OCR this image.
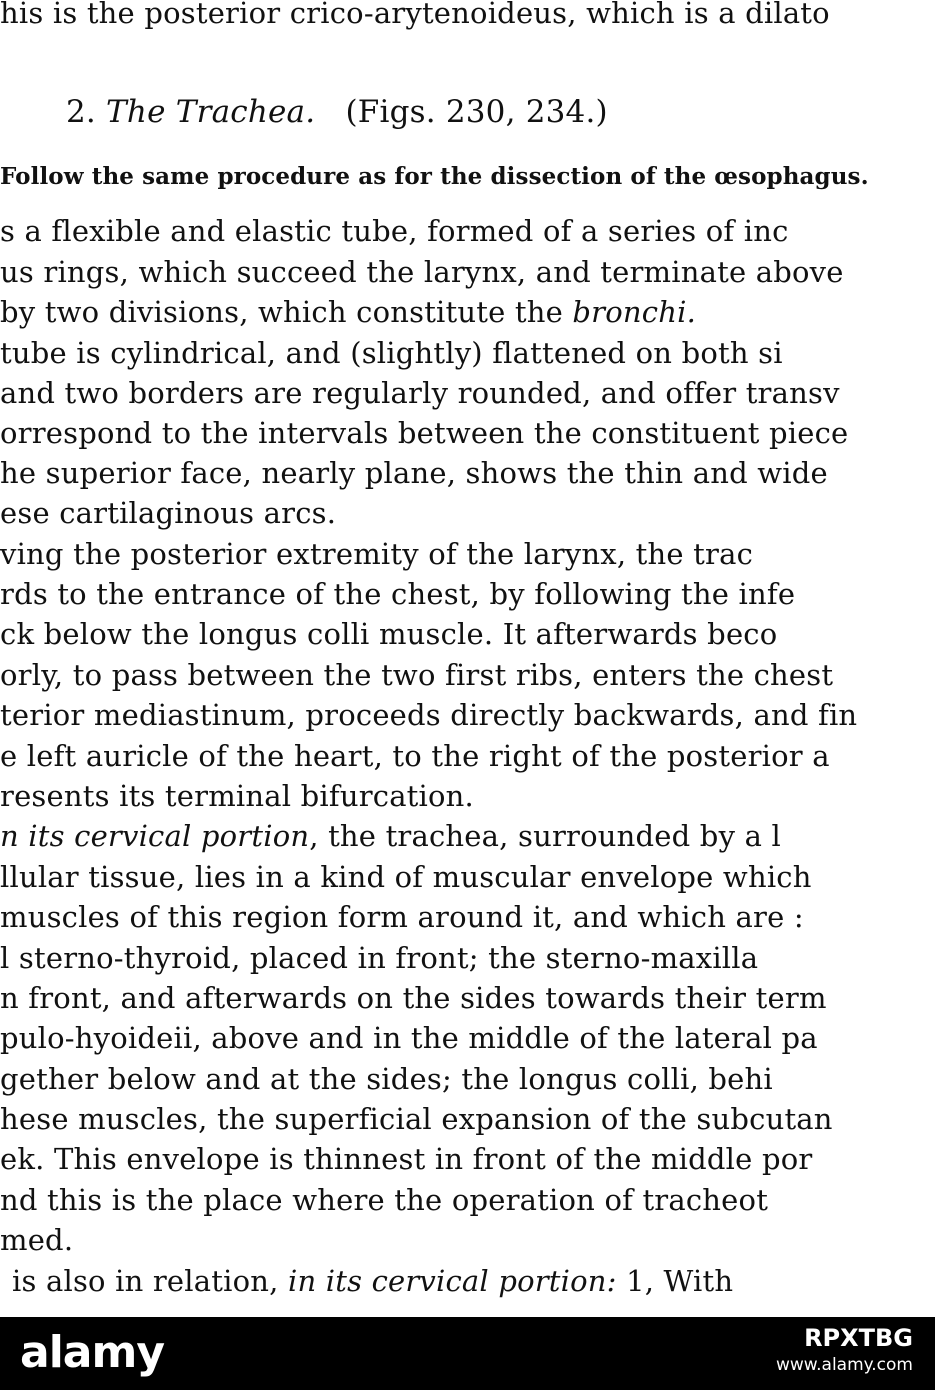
his is the posterior crico-arytenoideus, which is a dilato
2. The Trachea. (Figs. 230, 234.)
Follow the same procedure as for the dissection of the œsophagus.
s a flexible and elastic tube, formed of a series of inc
us rings, which succeed the larynx, and terminate above
by two divisions, which constitute the bronchi.
tube is cylindrical, and (slightly) flattened on both si
and two borders are regularly rounded, and offer transv
orrespond to the intervals between the constituent piece
he superior face, nearly plane, shows the thin and wide
ese cartilaginous arcs.
ving the posterior extremity of the larynx, the trac
rds to the entrance of the chest, by following the infe
ck below the longus colli muscle. It afterwards beco
orly, to pass between the two first ribs, enters the chest
terior mediastinum, proceeds directly backwards, and fin
e left auricle of the heart, to the right of the posterior a
resents its terminal bifurcation.
n its cervical portion, the trachea, surrounded by a l
llular tissue, lies in a kind of muscular envelope which
muscles of this region form around it, and which are :
l sterno-thyroid, placed in front; the sterno-maxilla
n front, and afterwards on the sides towards their term
pulo-hyoideii, above and in the middle of the lateral pa
gether below and at the sides; the longus colli, behi
hese muscles, the superficial expansion of the subcutan
ek. This envelope is thinnest in front of the middle por
nd this is the place where the operation of tracheot
med.
is also in relation, in its cervical portion: 1, With
alamy	RPXTBG
www.alamy.com
